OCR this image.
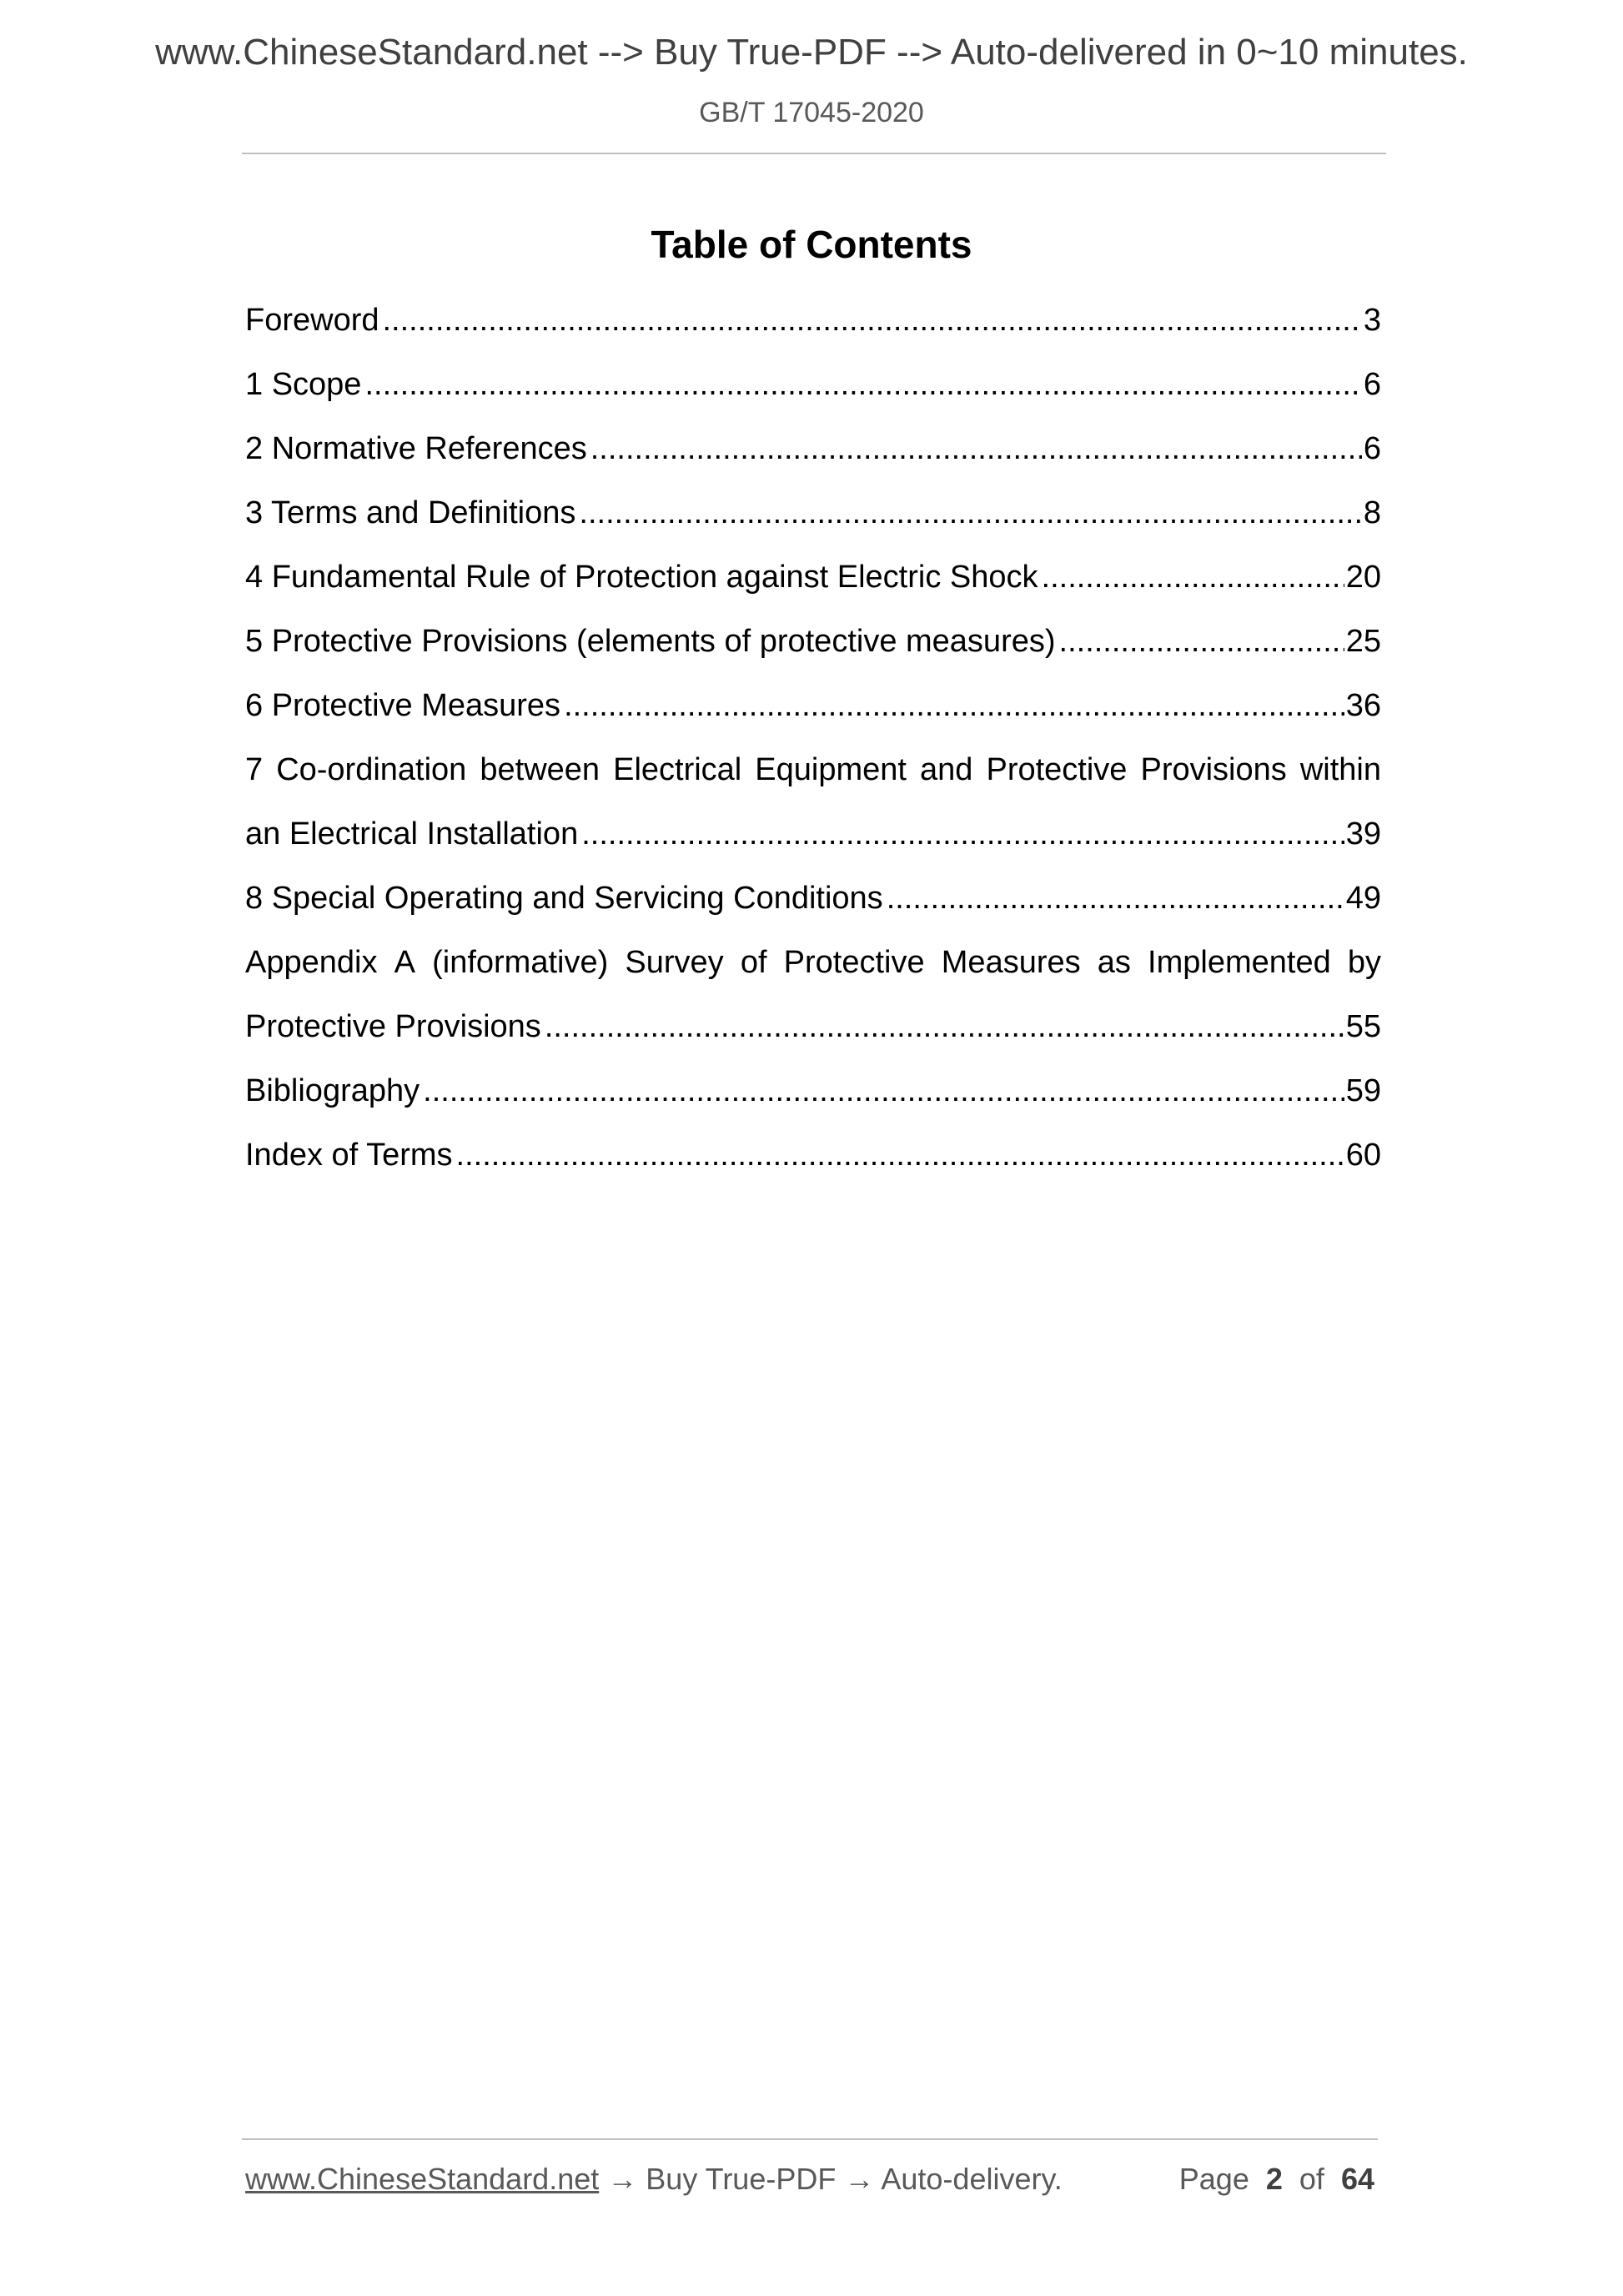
www.ChineseStandard.net --> Buy True-PDF --> Auto-delivered in 0~10 minutes.
GB/T 17045-2020
Table of Contents
Foreword .....	3
1 Scope .....	6
2 Normative References .....	6
3 Terms and Definitions .....	8
4 Fundamental Rule of Protection against Electric Shock .....	20
5 Protective Provisions (elements of protective measures) .....	25
6 Protective Measures .....	36
7 Co-ordination between Electrical Equipment and Protective Provisions within
an Electrical Installation .....	39
8 Special Operating and Servicing Conditions .....	49
Appendix A (informative) Survey of Protective Measures as Implemented by
Protective Provisions .....	55
Bibliography .....	59
Index of Terms .....	60
www.ChineseStandard.net → Buy True-PDF → Auto-delivery.	Page 2 of 64
